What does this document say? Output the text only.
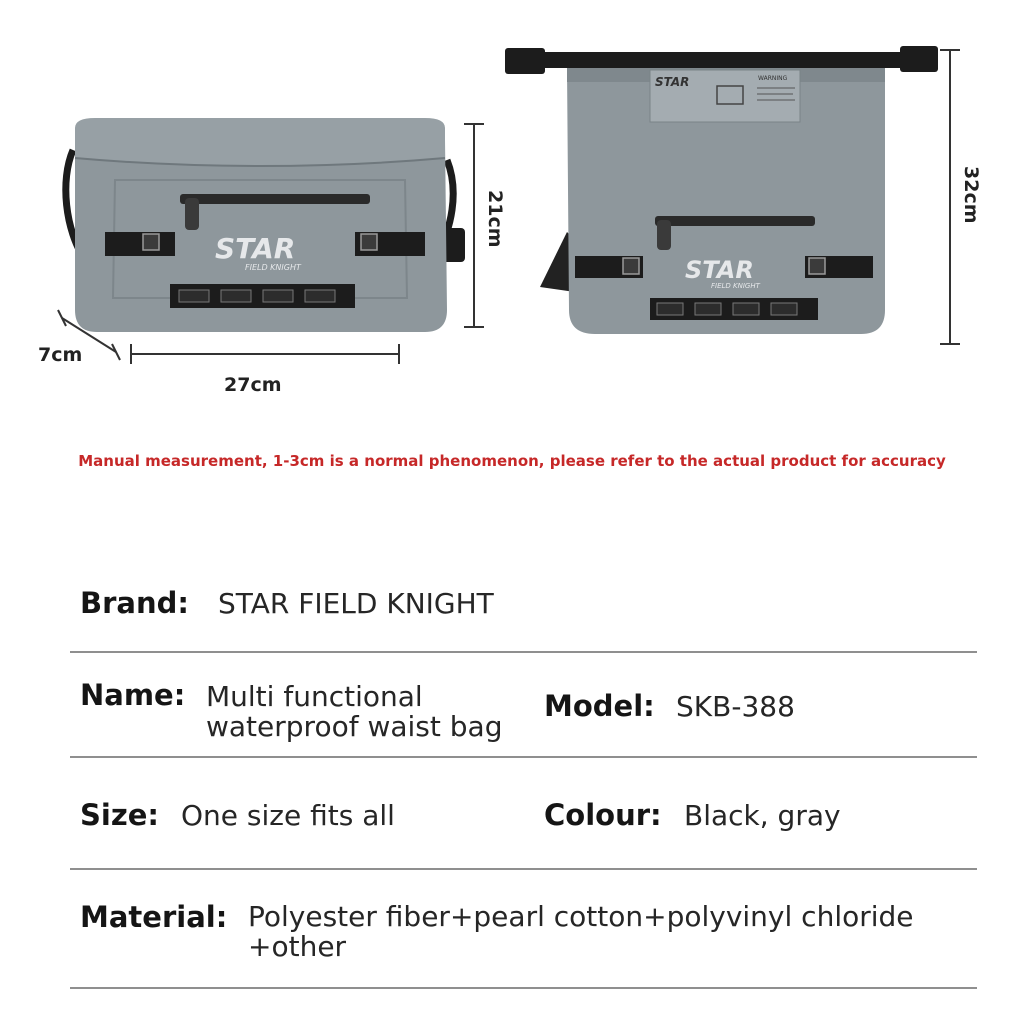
STAR
FIELD KNIGHT
STAR	WARNING
STAR
FIELD KNIGHT
7cm
27cm
21cm	32cm
Manual measurement, 1-3cm is a normal phenomenon, please refer to the actual product for accuracy
Brand: STAR FIELD KNIGHT
Name: Multi functional
waterproof waist bag
Model: SKB-388
Size: One size fits all	Colour: Black, gray
Material: Polyester fiber+pearl cotton+polyvinyl chloride
+other
